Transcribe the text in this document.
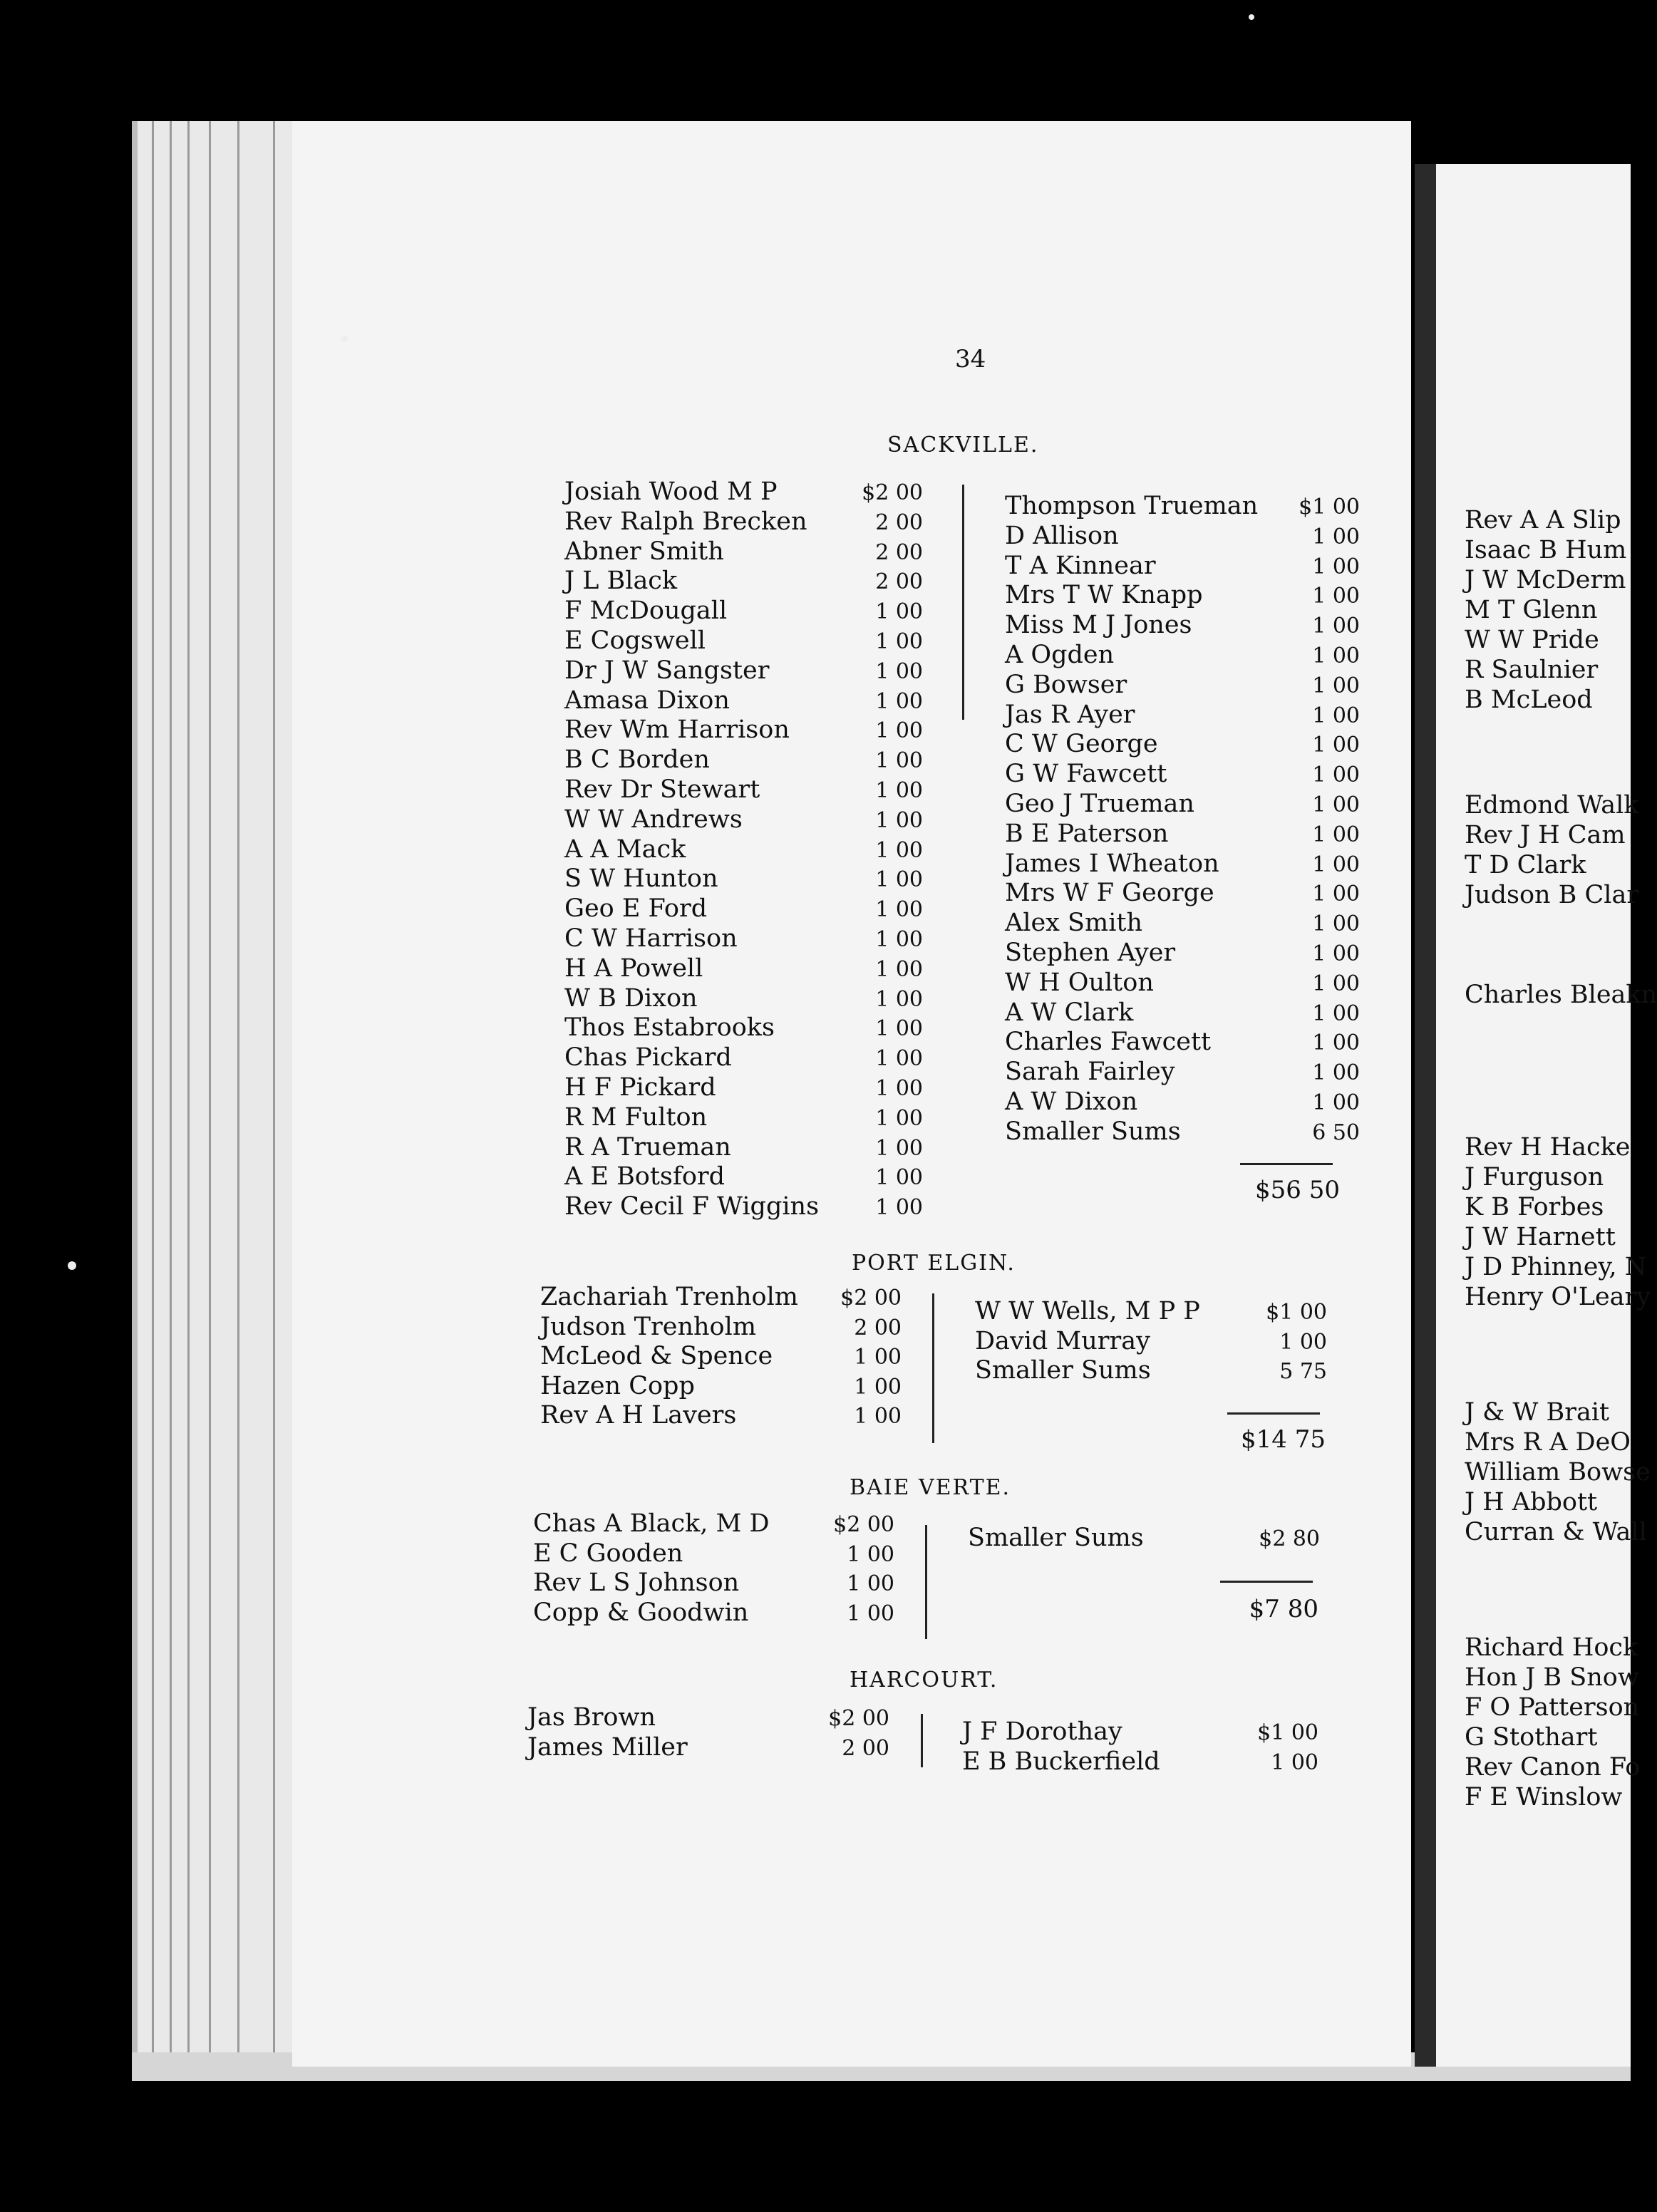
Rev A A Slip
Isaac B Hum
J W McDerm
M T Glenn
W W Pride
R Saulnier
B McLeod
Edmond Walk
Rev J H Cam
T D Clark
Judson B Clar
Charles Bleakn
Rev H Hacke
J Furguson
K B Forbes
J W Harnett
J D Phinney, N
Henry O'Leary
J & W Brait
Mrs R A DeO
William Bowse
J H Abbott
Curran & Wall
Richard Hock
Hon J B Snow
F O Patterson
G Stothart
Rev Canon Fo
F E Winslow
34
SACKVILLE.
Josiah Wood M P	$2 00
Rev Ralph Brecken	2 00
Abner Smith	2 00
J L Black	2 00
F McDougall	1 00
E Cogswell	1 00
Dr J W Sangster	1 00
Amasa Dixon	1 00
Rev Wm Harrison	1 00
B C Borden	1 00
Rev Dr Stewart	1 00
W W Andrews	1 00
A A Mack	1 00
S W Hunton	1 00
Geo E Ford	1 00
C W Harrison	1 00
H A Powell	1 00
W B Dixon	1 00
Thos Estabrooks	1 00
Chas Pickard	1 00
H F Pickard	1 00
R M Fulton	1 00
R A Trueman	1 00
A E Botsford	1 00
Rev Cecil F Wiggins	1 00
Thompson Trueman	$1 00
D Allison	1 00
T A Kinnear	1 00
Mrs T W Knapp	1 00
Miss M J Jones	1 00
A Ogden	1 00
G Bowser	1 00
Jas R Ayer	1 00
C W George	1 00
G W Fawcett	1 00
Geo J Trueman	1 00
B E Paterson	1 00
James I Wheaton	1 00
Mrs W F George	1 00
Alex Smith	1 00
Stephen Ayer	1 00
W H Oulton	1 00
A W Clark	1 00
Charles Fawcett	1 00
Sarah Fairley	1 00
A W Dixon	1 00
Smaller Sums	6 50
$56 50
PORT ELGIN.
Zachariah Trenholm	$2 00
Judson Trenholm	2 00
McLeod & Spence	1 00
Hazen Copp	1 00
Rev A H Lavers	1 00
W W Wells, M P P	$1 00
David Murray	1 00
Smaller Sums	5 75
$14 75
BAIE VERTE.
Chas A Black, M D	$2 00
E C Gooden	1 00
Rev L S Johnson	1 00
Copp & Goodwin	1 00
Smaller Sums	$2 80
$7 80
HARCOURT.
Jas Brown	$2 00
James Miller	2 00
J F Dorothay	$1 00
E B Buckerfield	1 00
